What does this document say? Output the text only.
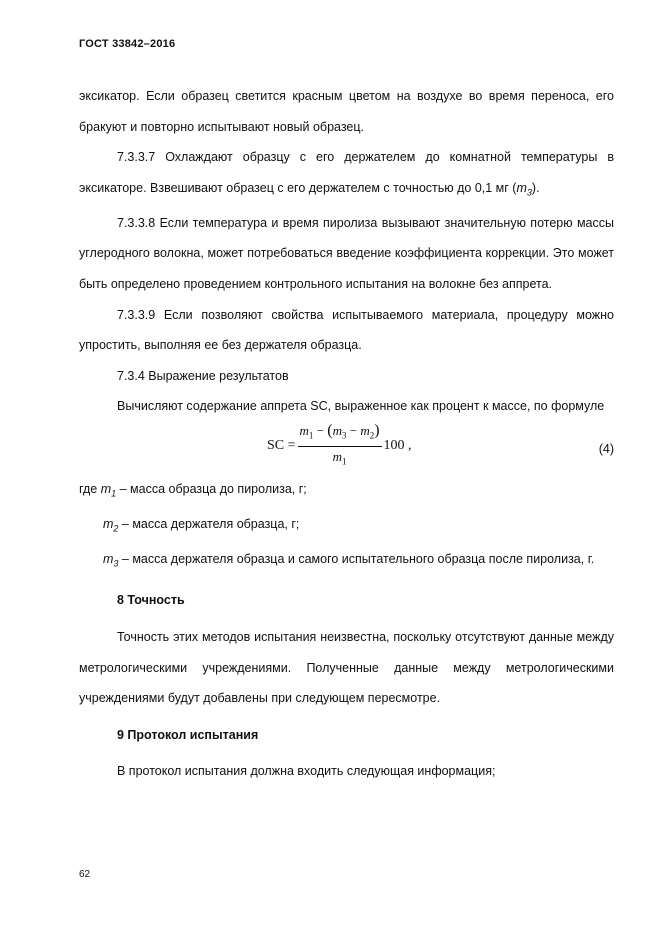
ГОСТ 33842–2016

эксикатор. Если образец светится красным цветом на воздухе во время переноса, его бракуют и повторно испытывают новый образец.

7.3.3.7 Охлаждают образцу с его держателем до комнатной температуры в эксикаторе. Взвешивают образец с его держателем с точностью до 0,1 мг $(m_3)$.

7.3.3.8 Если температура и время пиролиза вызывают значительную потерю массы углеродного волокна, может потребоваться введение коэффициента коррекции. Это может быть определено проведением контрольного испытания на волокне без аппрета.

7.3.3.9 Если позволяют свойства испытываемого материала, процедуру можно упростить, выполняя ее без держателя образца.

7.3.4 Выражение результатов

Вычисляют содержание аппрета SC, выраженное как процент к массе, по формуле

SC = $\frac{m_1 - (m_3 - m_2)}{m_1} 100$ ,	(4)

где $m_1$ – масса образца до пиролиза, г;

$m_2$ – масса держателя образца, г;

$m_3$ – масса держателя образца и самого испытательного образца после пиролиза, г.

8 Точность

Точность этих методов испытания неизвестна, поскольку отсутствуют данные между метрологическими учреждениями. Полученные данные между метрологическими учреждениями будут добавлены при следующем пересмотре.

9 Протокол испытания

В протокол испытания должна входить следующая информация;

62
